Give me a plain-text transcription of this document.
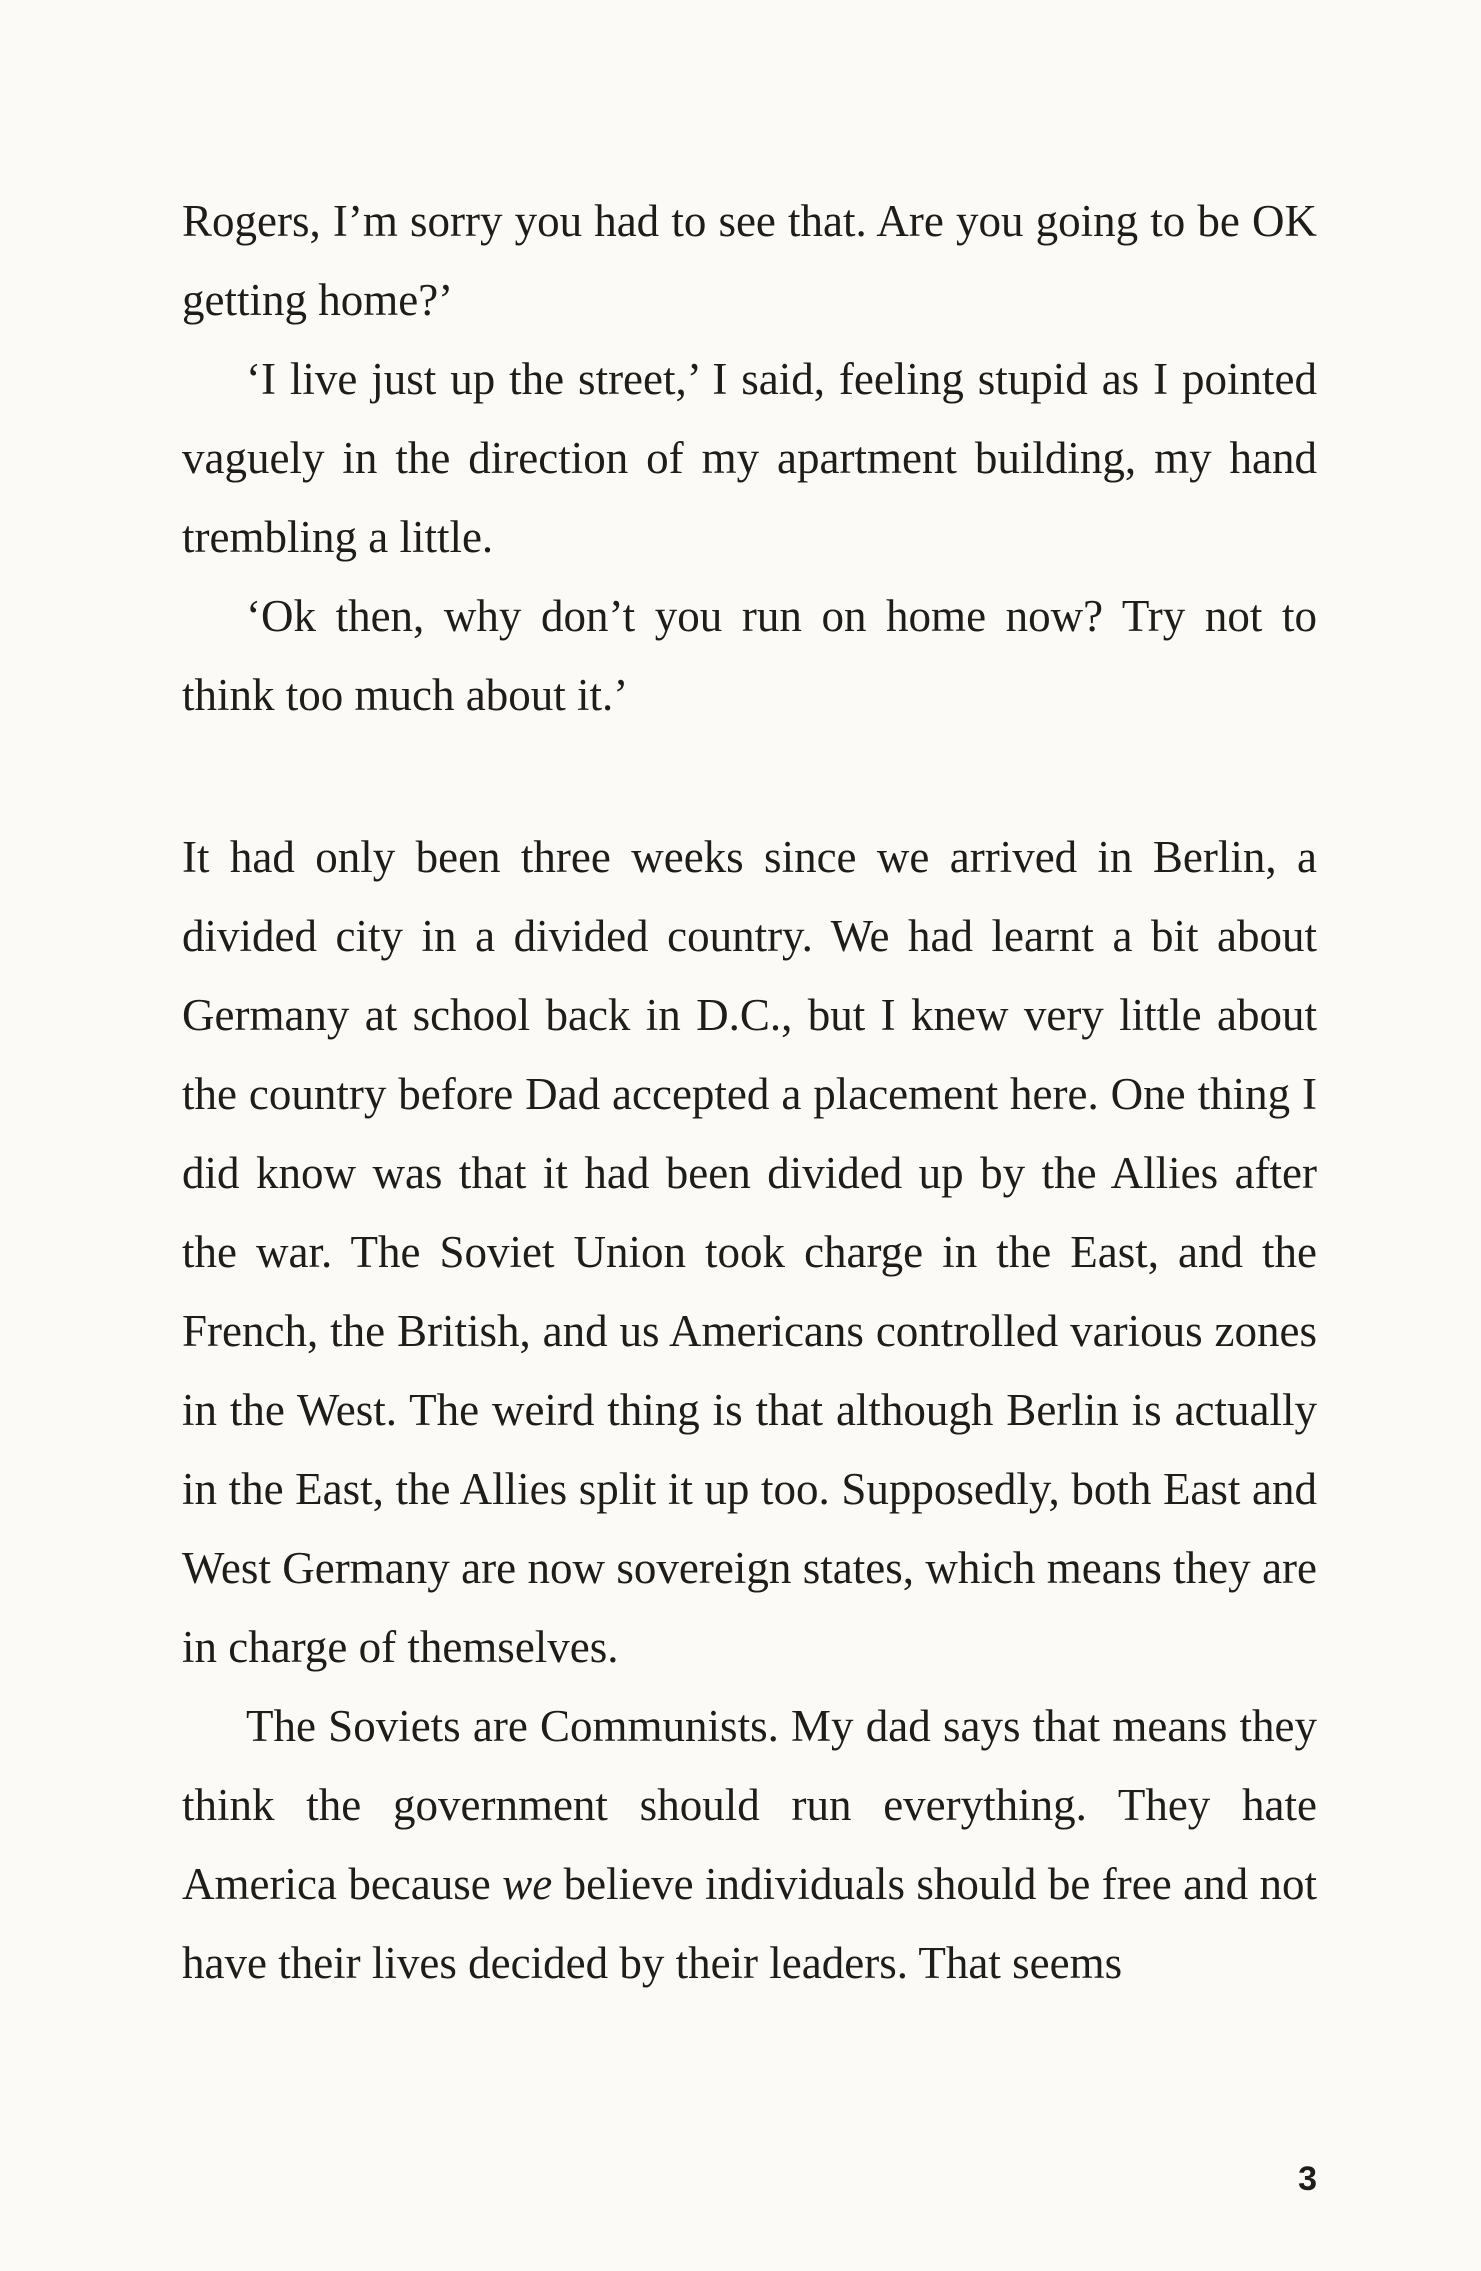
Rogers, I’m sorry you had to see that. Are you going to be OK getting home?’

‘I live just up the street,’ I said, feeling stupid as I pointed vaguely in the direction of my apartment building, my hand trembling a little.

‘Ok then, why don’t you run on home now? Try not to think too much about it.’

It had only been three weeks since we arrived in Berlin, a divided city in a divided country. We had learnt a bit about Germany at school back in D.C., but I knew very little about the country before Dad accepted a placement here. One thing I did know was that it had been divided up by the Allies after the war. The Soviet Union took charge in the East, and the French, the British, and us Americans controlled various zones in the West. The weird thing is that although Berlin is actually in the East, the Allies split it up too. Supposedly, both East and West Germany are now sovereign states, which means they are in charge of themselves.

The Soviets are Communists. My dad says that means they think the government should run everything. They hate America because we believe individuals should be free and not have their lives decided by their leaders. That seems

3
